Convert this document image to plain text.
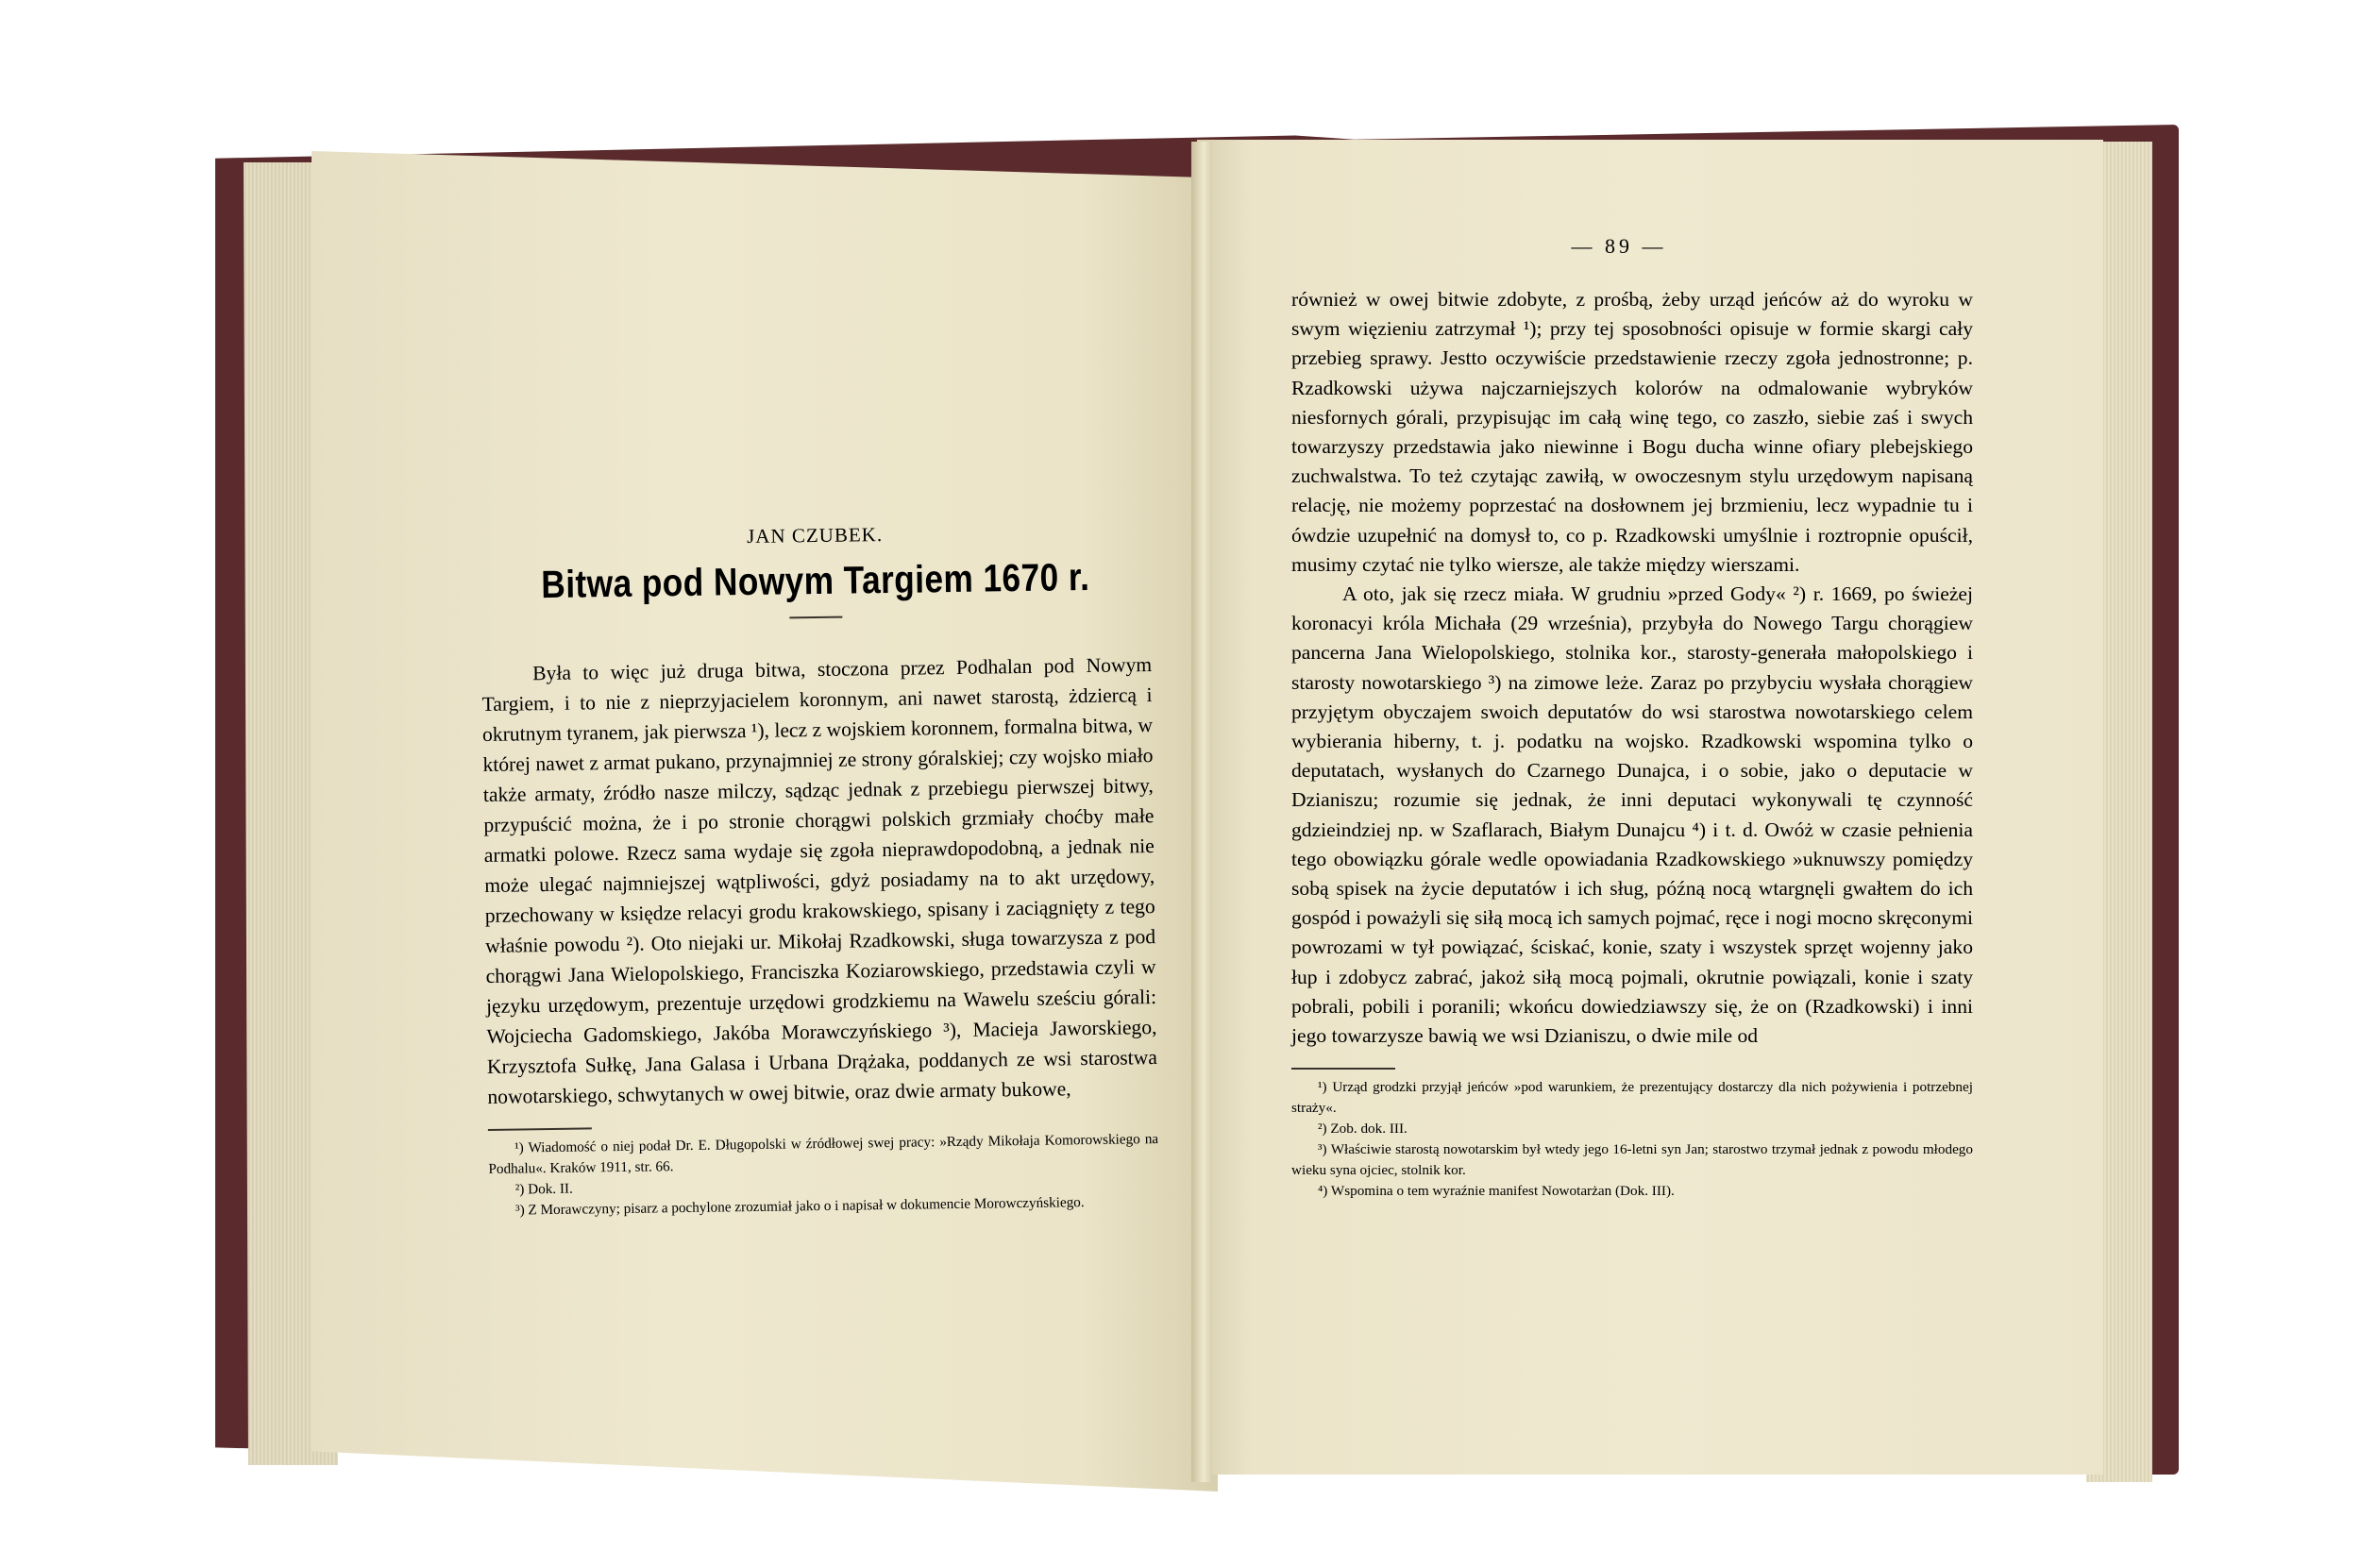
JAN CZUBEK.

Bitwa pod Nowym Targiem 1670 r.

Była to więc już druga bitwa, stoczona przez Podhalan pod Nowym Targiem, i to nie z nieprzyjacielem koronnym, ani nawet starostą, żdziercą i okrutnym tyranem, jak pierwsza ¹), lecz z wojskiem koronnem, formalna bitwa, w której nawet z armat pukano, przynajmniej ze strony góralskiej; czy wojsko miało także armaty, źródło nasze milczy, sądząc jednak z przebiegu pierwszej bitwy, przypuścić można, że i po stronie chorągwi polskich grzmiały choćby małe armatki polowe. Rzecz sama wydaje się zgoła nieprawdopodobną, a jednak nie może ulegać najmniejszej wątpliwości, gdyż posiadamy na to akt urzędowy, przechowany w księdze relacyi grodu krakowskiego, spisany i zaciągnięty z tego właśnie powodu ²). Oto niejaki ur. Mikołaj Rzadkowski, sługa towarzysza z pod chorągwi Jana Wielopolskiego, Franciszka Koziarowskiego, przedstawia czyli w języku urzędowym, prezentuje urzędowi grodzkiemu na Wawelu sześciu górali: Wojciecha Gadomskiego, Jakóba Morawczyńskiego ³), Macieja Jaworskiego, Krzysztofa Sułkę, Jana Galasa i Urbana Drążaka, poddanych ze wsi starostwa nowotarskiego, schwytanych w owej bitwie, oraz dwie armaty bukowe,

¹) Wiadomość o niej podał Dr. E. Długopolski w źródłowej swej pracy: »Rządy Mikołaja Komorowskiego na Podhalu«. Kraków 1911, str. 66.

²) Dok. II.

³) Z Morawczyny; pisarz a pochylone zrozumiał jako o i napisał w dokumencie Morowczyńskiego.

— 89 —

również w owej bitwie zdobyte, z prośbą, żeby urząd jeńców aż do wyroku w swym więzieniu zatrzymał ¹); przy tej sposobności opisuje w formie skargi cały przebieg sprawy. Jestto oczywiście przedstawienie rzeczy zgoła jednostronne; p. Rzadkowski używa najczarniejszych kolorów na odmalowanie wybryków niesfornych górali, przypisując im całą winę tego, co zaszło, siebie zaś i swych towarzyszy przedstawia jako niewinne i Bogu ducha winne ofiary plebejskiego zuchwalstwa. To też czytając zawiłą, w owoczesnym stylu urzędowym napisaną relację, nie możemy poprzestać na dosłownem jej brzmieniu, lecz wypadnie tu i ówdzie uzupełnić na domysł to, co p. Rzadkowski umyślnie i roztropnie opuścił, musimy czytać nie tylko wiersze, ale także między wierszami.

A oto, jak się rzecz miała. W grudniu »przed Gody« ²) r. 1669, po świeżej koronacyi króla Michała (29 września), przybyła do Nowego Targu chorągiew pancerna Jana Wielopolskiego, stolnika kor., starosty-generała małopolskiego i starosty nowotarskiego ³) na zimowe leże. Zaraz po przybyciu wysłała chorągiew przyjętym obyczajem swoich deputatów do wsi starostwa nowotarskiego celem wybierania hiberny, t. j. podatku na wojsko. Rzadkowski wspomina tylko o deputatach, wysłanych do Czarnego Dunajca, i o sobie, jako o deputacie w Dzianiszu; rozumie się jednak, że inni deputaci wykonywali tę czynność gdzieindziej np. w Szaflarach, Białym Dunajcu ⁴) i t. d. Owóż w czasie pełnienia tego obowiązku górale wedle opowiadania Rzadkowskiego »uknuwszy pomiędzy sobą spisek na życie deputatów i ich sług, późną nocą wtargnęli gwałtem do ich gospód i poważyli się siłą mocą ich samych pojmać, ręce i nogi mocno skręconymi powrozami w tył powiązać, ściskać, konie, szaty i wszystek sprzęt wojenny jako łup i zdobycz zabrać, jakoż siłą mocą pojmali, okrutnie powiązali, konie i szaty pobrali, pobili i poranili; wkońcu dowiedziawszy się, że on (Rzadkowski) i inni jego towarzysze bawią we wsi Dzianiszu, o dwie mile od

¹) Urząd grodzki przyjął jeńców »pod warunkiem, że prezentujący dostarczy dla nich pożywienia i potrzebnej straży«.

²) Zob. dok. III.

³) Właściwie starostą nowotarskim był wtedy jego 16-letni syn Jan; starostwo trzymał jednak z powodu młodego wieku syna ojciec, stolnik kor.

⁴) Wspomina o tem wyraźnie manifest Nowotarżan (Dok. III).
